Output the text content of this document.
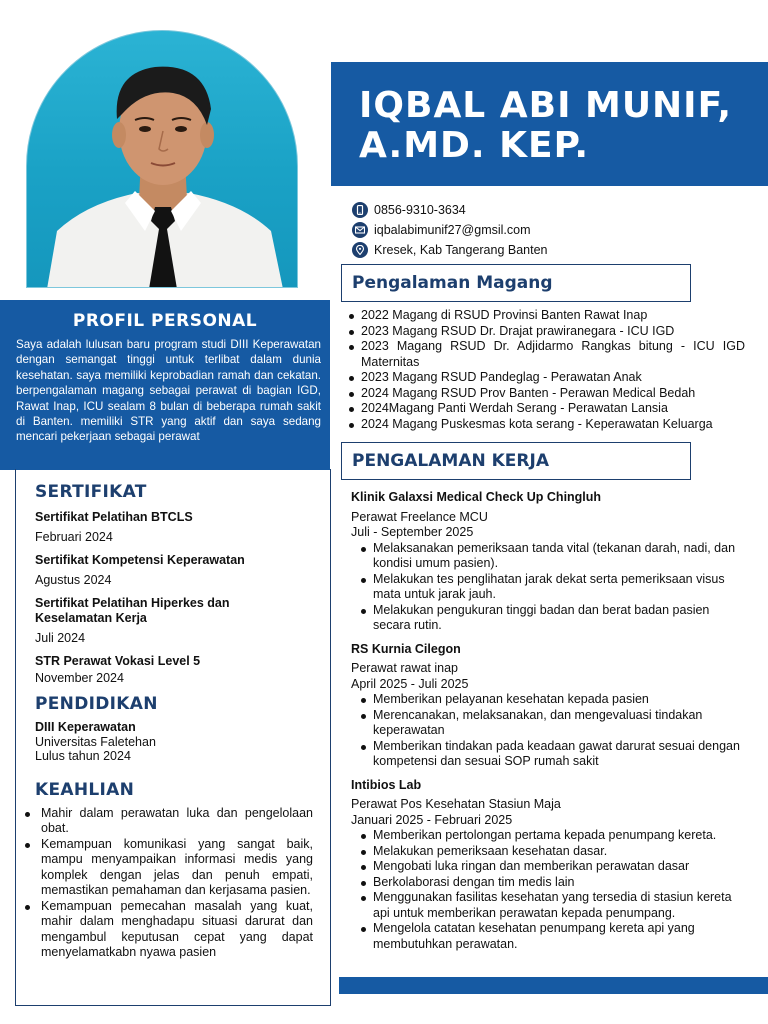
IQBAL ABI MUNIF,
A.MD. KEP.
0856-9310-3634
iqbalabimunif27@gmsil.com
Kresek, Kab Tangerang Banten
Pengalaman Magang
2022 Magang di RSUD Provinsi Banten Rawat Inap
2023 Magang RSUD Dr. Drajat prawiranegara - ICU IGD
2023 Magang RSUD Dr. Adjidarmo Rangkas bitung - ICU IGD Maternitas
2023 Magang RSUD Pandeglag - Perawatan Anak
2024 Magang RSUD Prov Banten - Perawan Medical Bedah
2024Magang Panti Werdah Serang - Perawatan Lansia
2024 Magang Puskesmas kota serang - Keperawatan Keluarga
PENGALAMAN KERJA
Klinik Galaxsi Medical Check Up Chingluh
Perawat Freelance MCU
Juli - September 2025
Melaksanakan pemeriksaan tanda vital (tekanan darah, nadi, dan kondisi umum pasien).
Melakukan tes penglihatan jarak dekat serta pemeriksaan visus mata untuk jarak jauh.
Melakukan pengukuran tinggi badan dan berat badan pasien secara rutin.
RS Kurnia Cilegon
Perawat rawat inap
April 2025 - Juli 2025
Memberikan pelayanan kesehatan kepada pasien
Merencanakan, melaksanakan, dan mengevaluasi tindakan keperawatan
Memberikan tindakan pada keadaan gawat darurat sesuai dengan kompetensi dan sesuai SOP rumah sakit
Intibios Lab
Perawat Pos Kesehatan Stasiun Maja
Januari 2025 - Februari 2025
Memberikan pertolongan pertama kepada penumpang kereta.
Melakukan pemeriksaan kesehatan dasar.
Mengobati luka ringan dan memberikan perawatan dasar
Berkolaborasi dengan tim medis lain
Menggunakan fasilitas kesehatan yang tersedia di stasiun kereta api untuk memberikan perawatan kepada penumpang.
Mengelola catatan kesehatan penumpang kereta api yang membutuhkan perawatan.
PROFIL PERSONAL

Saya adalah lulusan baru program studi DIII Keperawatan dengan semangat tinggi untuk terlibat dalam dunia kesehatan. saya memiliki keprobadian ramah dan cekatan. berpengalaman magang sebagai perawat di bagian IGD, Rawat Inap, ICU sealam 8 bulan di beberapa rumah sakit di Banten. memiliki STR yang aktif dan saya sedang mencari pekerjaan sebagai perawat

SERTIFIKAT
Sertifikat Pelatihan BTCLS
Februari 2024
Sertifikat Kompetensi Keperawatan
Agustus 2024
Sertifikat Pelatihan Hiperkes dan Keselamatan Kerja
Juli 2024
STR Perawat Vokasi Level 5
November 2024
PENDIDIKAN
DIII Keperawatan
Universitas Faletehan
Lulus tahun 2024
KEAHLIAN
Mahir dalam perawatan luka dan pengelolaan obat.
Kemampuan komunikasi yang sangat baik, mampu menyampaikan informasi medis yang komplek dengan jelas dan penuh empati, memastikan pemahaman dan kerjasama pasien.
Kemampuan pemecahan masalah yang kuat, mahir dalam menghadapu situasi darurat dan mengambul keputusan cepat yang dapat menyelamatkabn nyawa pasien
